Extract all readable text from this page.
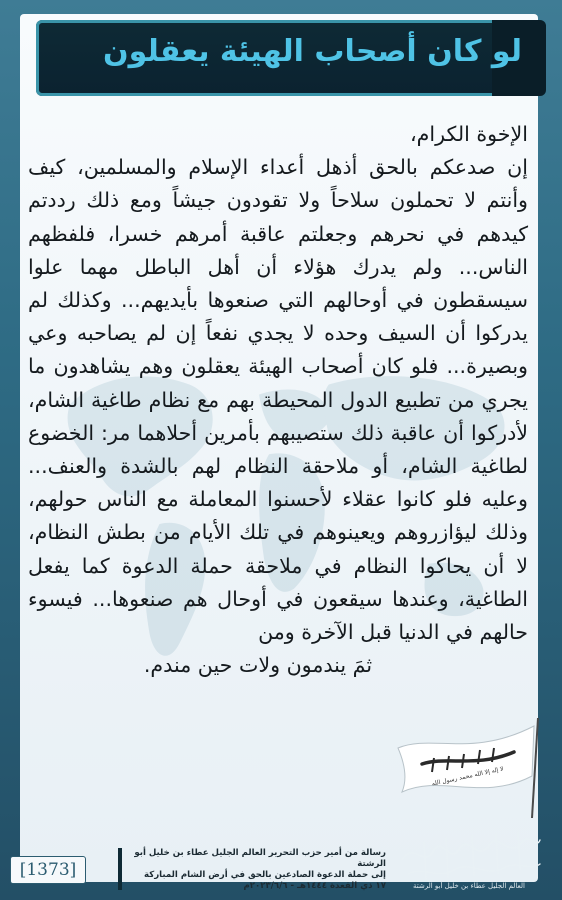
لو كان أصحاب الهيئة يعقلون

الإخوة الكرام،

إن صدعكم بالحق أذهل أعداء الإسلام والمسلمين، كيف وأنتم لا تحملون سلاحاً ولا تقودون جيشاً ومع ذلك رددتم كيدهم في نحرهم وجعلتم عاقبة أمرهم خسرا، فلفظهم الناس... ولم يدرك هؤلاء أن أهل الباطل مهما علوا سيسقطون في أوحالهم التي صنعوها بأيديهم... وكذلك لم يدركوا أن السيف وحده لا يجدي نفعاً إن لم يصاحبه وعي وبصيرة... فلو كان أصحاب الهيئة يعقلون وهم يشاهدون ما يجري من تطبيع الدول المحيطة بهم مع نظام طاغية الشام، لأدركوا أن عاقبة ذلك ستصيبهم بأمرين أحلاهما مر: الخضوع لطاغية الشام، أو ملاحقة النظام لهم بالشدة والعنف... وعليه فلو كانوا عقلاء لأحسنوا المعاملة مع الناس حولهم، وذلك ليؤازروهم ويعينوهم في تلك الأيام من بطش النظام، لا أن يحاكوا النظام في ملاحقة حملة الدعوة كما يفعل الطاغية، وعندها سيقعون في أوحال هم صنعوها... فيسوء حالهم في الدنيا قبل الآخرة ومن

ثمَ يندمون ولات حين مندم.

لا إله إلا الله محمد رسول الله
العالم الجليل عطاء بن خليل أبو الرشتة
رسالة من أمير حزب التحرير العالم الجليل عطاء بن خليل أبو الرشتة
إلى حملة الدعوة الصادعين بالحق في أرض الشام المباركة
١٧ ذي القعدة ١٤٤٤هـ - ٢٠٢٣/٦/٦م
[1373]
